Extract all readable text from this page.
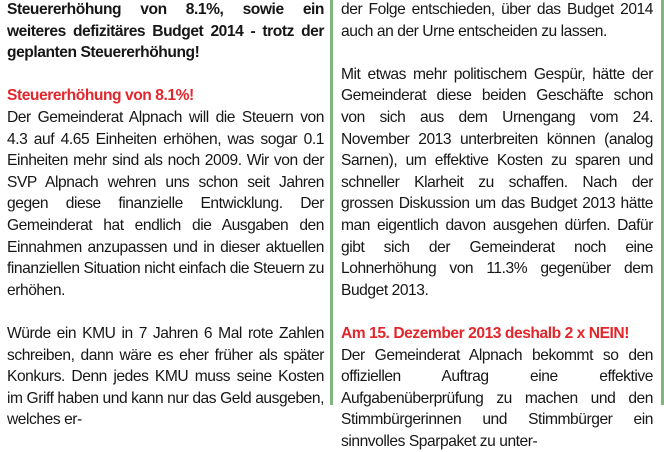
Steuererhöhung von 8.1%, sowie ein weiteres defizitäres Budget 2014 - trotz der geplanten Steuererhöhung!

Steuererhöhung von 8.1%!

Der Gemeinderat Alpnach will die Steuern von 4.3 auf 4.65 Einheiten erhöhen, was sogar 0.1 Einheiten mehr sind als noch 2009. Wir von der SVP Alpnach wehren uns schon seit Jahren gegen diese finanzielle Entwicklung. Der Gemeinderat hat endlich die Ausgaben den Einnahmen anzupassen und in dieser aktuellen finanziellen Situation nicht einfach die Steuern zu erhöhen.

Würde ein KMU in 7 Jahren 6 Mal rote Zahlen schreiben, dann wäre es eher früher als später Konkurs. Denn jedes KMU muss seine Kosten im Griff haben und kann nur das Geld ausgeben, welches er-

der Folge entschieden, über das Budget 2014 auch an der Urne entscheiden zu lassen.

Mit etwas mehr politischem Gespür, hätte der Gemeinderat diese beiden Geschäfte schon von sich aus dem Urnengang vom 24. November 2013 unterbreiten können (analog Sarnen), um effektive Kosten zu sparen und schneller Klarheit zu schaffen. Nach der grossen Diskussion um das Budget 2013 hätte man eigentlich davon ausgehen dürfen. Dafür gibt sich der Gemeinderat noch eine Lohnerhöhung von 11.3% gegenüber dem Budget 2013.

Am 15. Dezember 2013 deshalb 2 x NEIN!

Der Gemeinderat Alpnach bekommt so den offiziellen Auftrag eine effektive Aufgabenüberprüfung zu machen und den Stimmbürgerinnen und Stimmbürger ein sinnvolles Sparpaket zu unter-
